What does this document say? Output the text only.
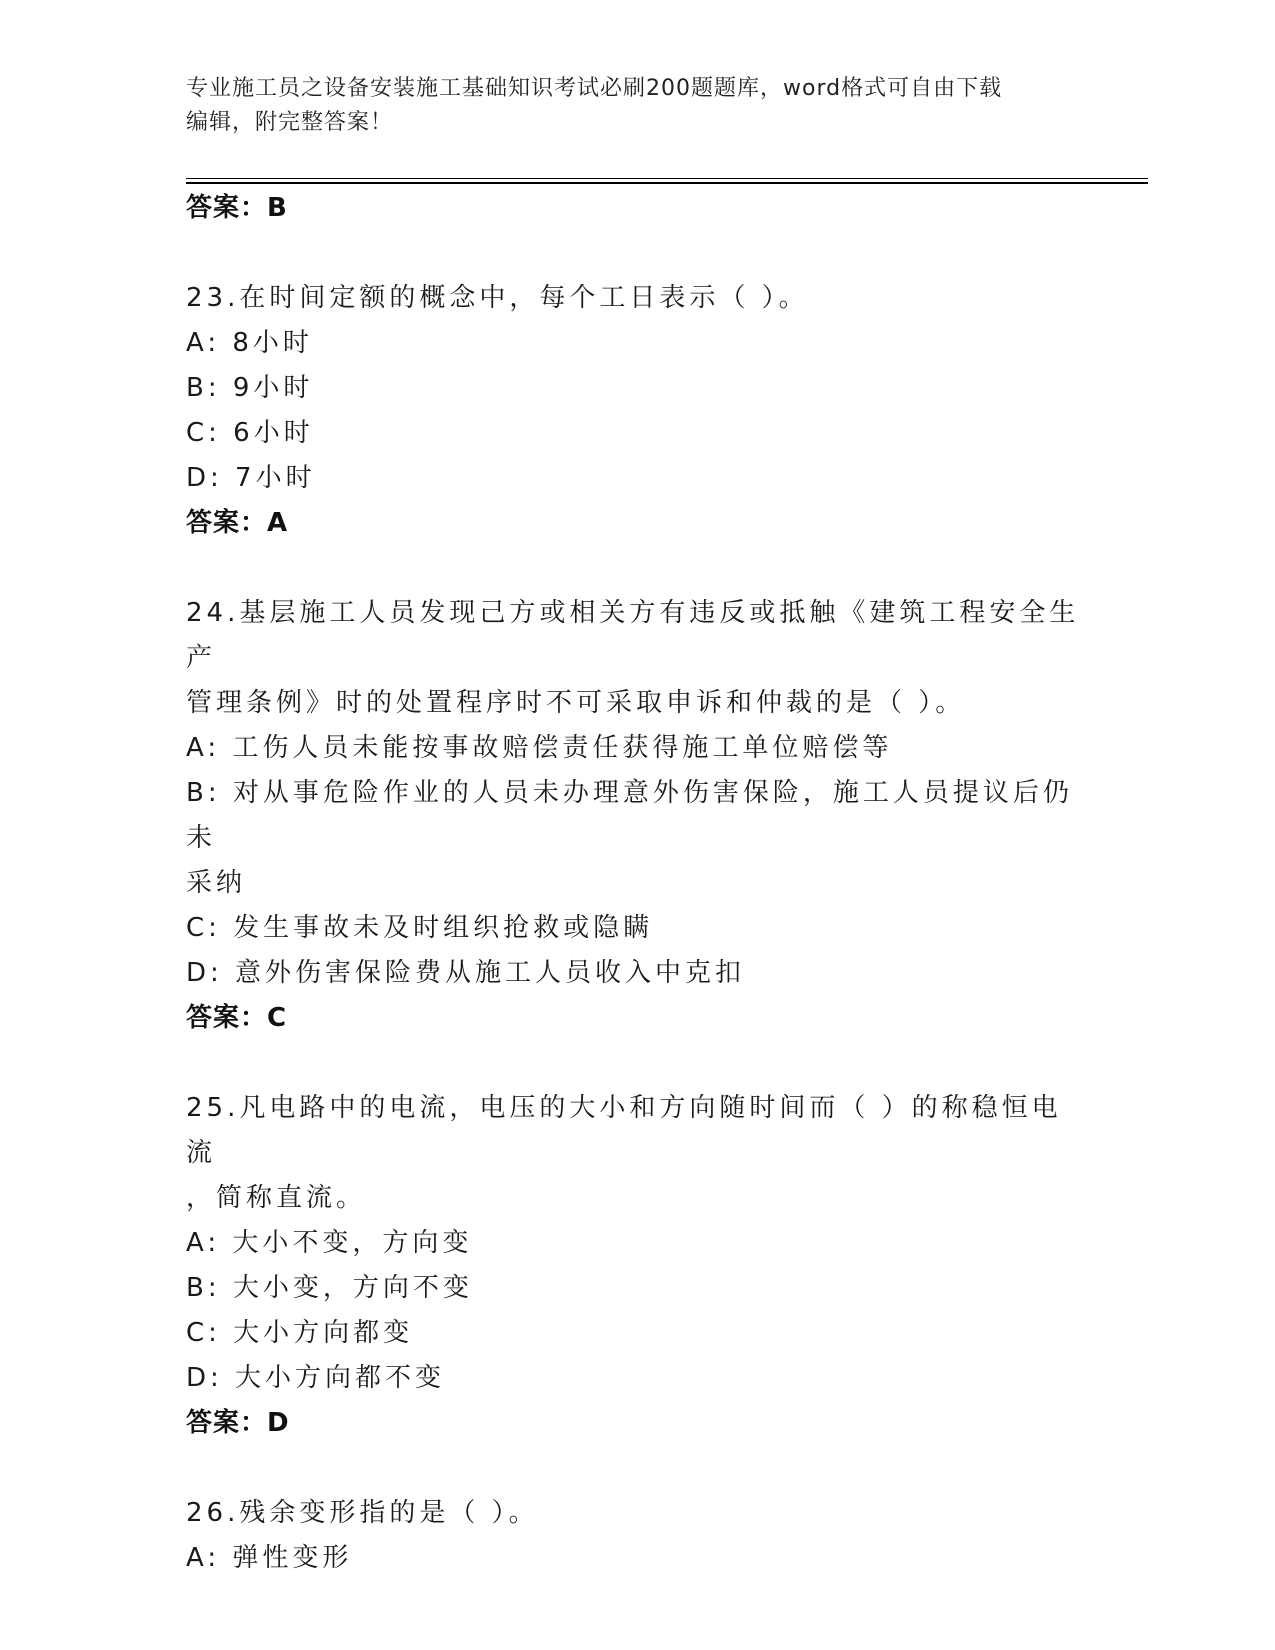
专业施工员之设备安装施工基础知识考试必刷200题题库，word格式可自由下载
编辑，附完整答案！

答案：B

23.在时间定额的概念中，每个工日表示（ ）。

A: 8小时

B: 9小时

C: 6小时

D: 7小时

答案：A

24.基层施工人员发现己方或相关方有违反或抵触《建筑工程安全生产

管理条例》时的处置程序时不可采取申诉和仲裁的是（ ）。

A: 工伤人员未能按事故赔偿责任获得施工单位赔偿等

B: 对从事危险作业的人员未办理意外伤害保险，施工人员提议后仍未

采纳

C: 发生事故未及时组织抢救或隐瞒

D: 意外伤害保险费从施工人员收入中克扣

答案：C

25.凡电路中的电流，电压的大小和方向随时间而（ ）的称稳恒电流

，简称直流。

A: 大小不变，方向变

B: 大小变，方向不变

C: 大小方向都变

D: 大小方向都不变

答案：D

26.残余变形指的是（ ）。

A: 弹性变形
